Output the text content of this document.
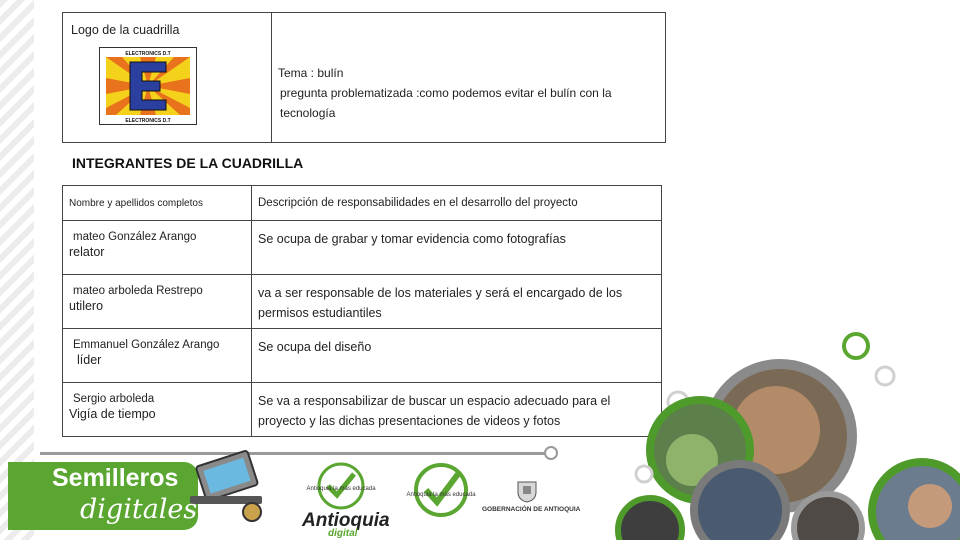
Logo de la cuadrilla
ELECTRONICS D.T
ELECTRONICS D.T

Tema : bulín
pregunta problematizada :como podemos evitar el bulín con la tecnología
INTEGRANTES DE LA CUADRILLA
Nombre y apellidos completos	Descripción de responsabilidades en el desarrollo del proyecto

mateo González Arango
relator	Se ocupa de grabar y tomar evidencia como fotografías

mateo arboleda Restrepo
utilero	va a ser responsable de los materiales y será el encargado de los permisos estudiantiles

Emmanuel González Arango
líder	Se ocupa del diseño

Sergio arboleda
Vigía de tiempo	Se va a responsabilizar de buscar un espacio adecuado para el proyecto y las dichas presentaciones de videos y fotos
Semilleros
digitales
Antioquia la más educada
Antioquia
digital
Antioquia la más educada
GOBERNACIÓN DE ANTIOQUIA
